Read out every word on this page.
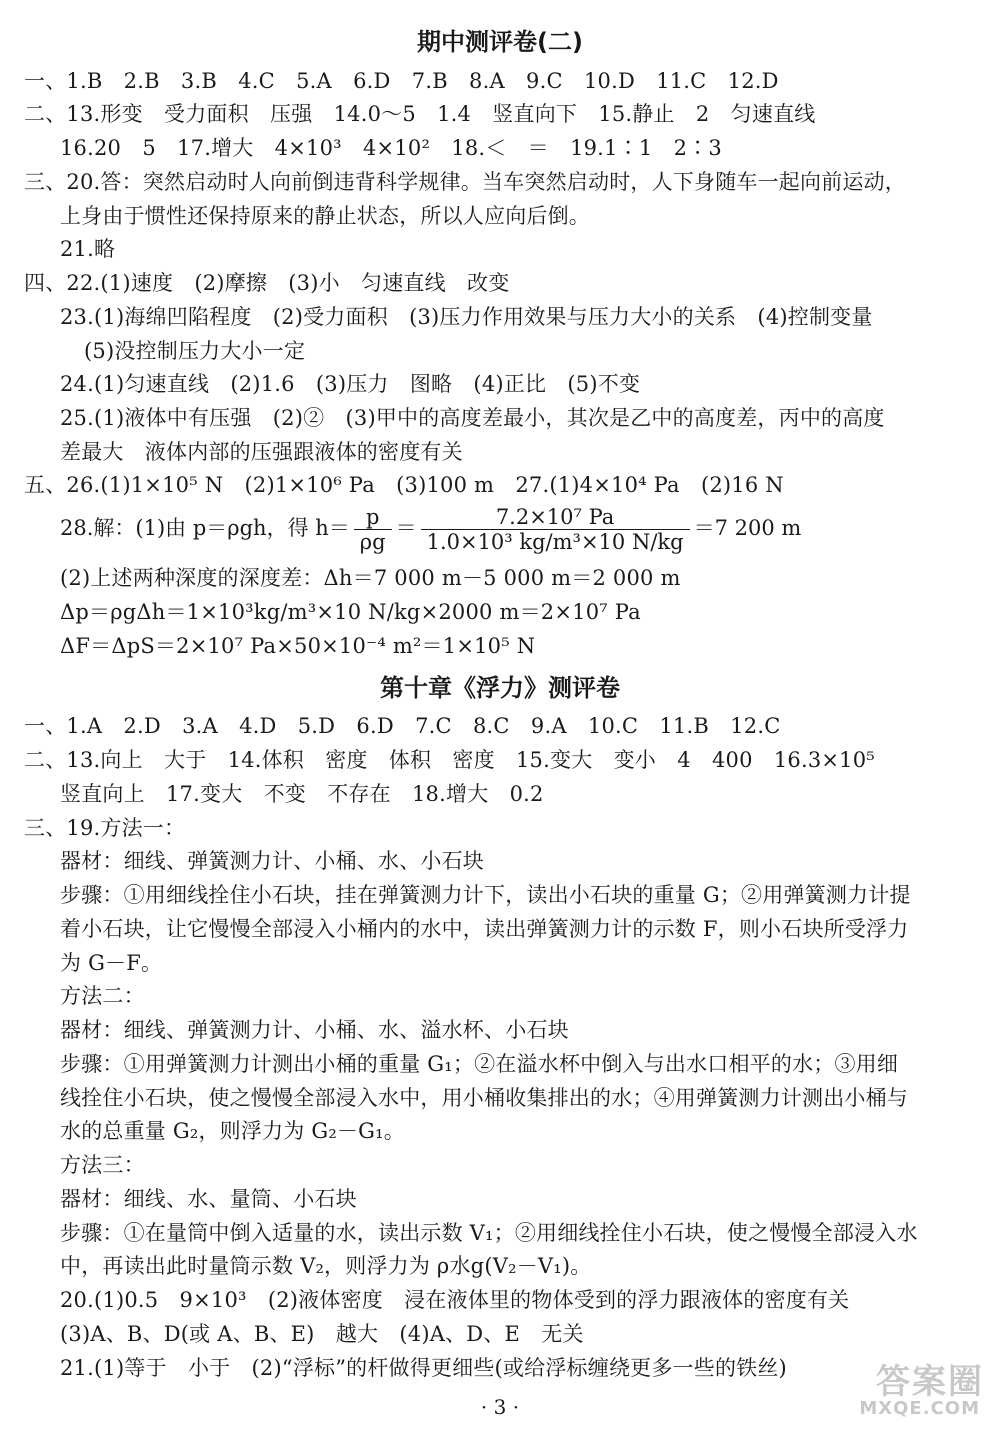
期中测评卷(二)
一、1.B　2.B　3.B　4.C　5.A　6.D　7.B　8.A　9.C　10.D　11.C　12.D
二、13.形变　受力面积　压强　14.0～5　1.4　竖直向下　15.静止　2　匀速直线
16.20　5　17.增大　4×10³　4×10²　18.＜　＝　19.1∶1　2∶3
三、20.答：突然启动时人向前倒违背科学规律。当车突然启动时，人下身随车一起向前运动，
上身由于惯性还保持原来的静止状态，所以人应向后倒。
21.略
四、22.(1)速度　(2)摩擦　(3)小　匀速直线　改变
23.(1)海绵凹陷程度　(2)受力面积　(3)压力作用效果与压力大小的关系　(4)控制变量
(5)没控制压力大小一定
24.(1)匀速直线　(2)1.6　(3)压力　图略　(4)正比　(5)不变
25.(1)液体中有压强　(2)②　(3)甲中的高度差最小，其次是乙中的高度差，丙中的高度
差最大　液体内部的压强跟液体的密度有关
五、26.(1)1×10⁵ N　(2)1×10⁶ Pa　(3)100 m　27.(1)4×10⁴ Pa　(2)16 N
28.解：(1)由 p＝ρgh，得 $h= \frac{p}{\rho g} = \frac{\text{7.2×10⁷ Pa}}{\text{1.0×10³ kg/m³×10 N/kg}} =7$ 200 m
(2)上述两种深度的深度差：Δh＝7 000 m－5 000 m＝2 000 m
Δp＝ρgΔh＝1×10³kg/m³×10 N/kg×2000 m＝2×10⁷ Pa
ΔF＝ΔpS＝2×10⁷ Pa×50×10⁻⁴ m²＝1×10⁵ N
第十章《浮力》测评卷
一、1.A　2.D　3.A　4.D　5.D　6.D　7.C　8.C　9.A　10.C　11.B　12.C
二、13.向上　大于　14.体积　密度　体积　密度　15.变大　变小　4　400　16.3×10⁵
竖直向上　17.变大　不变　不存在　18.增大　0.2
三、19.方法一：
器材：细线、弹簧测力计、小桶、水、小石块
步骤：①用细线拴住小石块，挂在弹簧测力计下，读出小石块的重量 G；②用弹簧测力计提
着小石块，让它慢慢全部浸入小桶内的水中，读出弹簧测力计的示数 F，则小石块所受浮力
为 G－F。
方法二：
器材：细线、弹簧测力计、小桶、水、溢水杯、小石块
步骤：①用弹簧测力计测出小桶的重量 G₁；②在溢水杯中倒入与出水口相平的水；③用细
线拴住小石块，使之慢慢全部浸入水中，用小桶收集排出的水；④用弹簧测力计测出小桶与
水的总重量 G₂，则浮力为 G₂－G₁。
方法三：
器材：细线、水、量筒、小石块
步骤：①在量筒中倒入适量的水，读出示数 V₁；②用细线拴住小石块，使之慢慢全部浸入水
中，再读出此时量筒示数 V₂，则浮力为 ρ水g(V₂－V₁)。
20.(1)0.5　9×10³　(2)液体密度　浸在液体里的物体受到的浮力跟液体的密度有关
(3)A、B、D(或 A、B、E)　越大　(4)A、D、E　无关
21.(1)等于　小于　(2)“浮标”的杆做得更细些(或给浮标缠绕更多一些的铁丝)
· 3 ·
答案圈
MXQE.COM
